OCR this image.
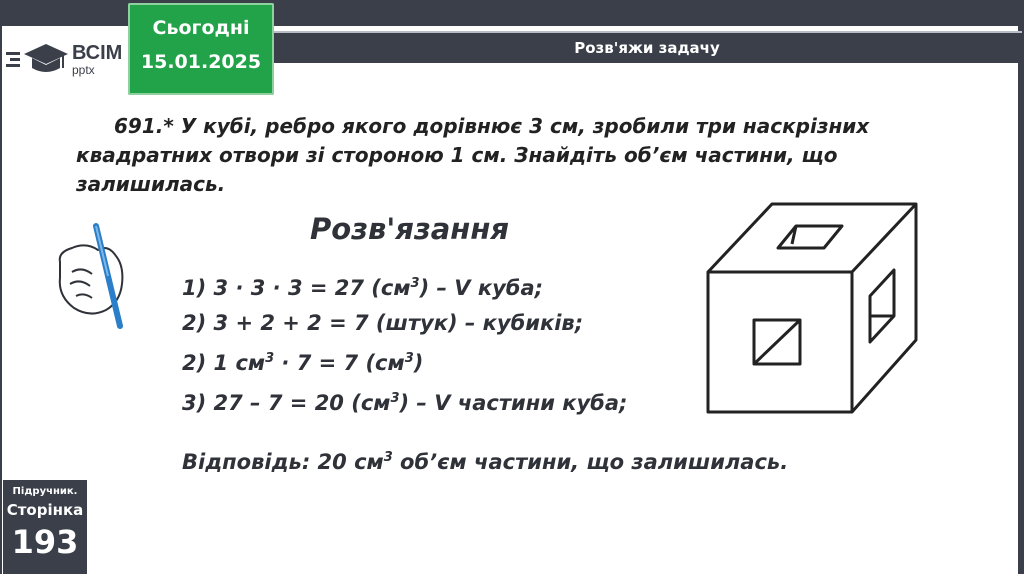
Розв'яжи задачу
ВСІМ
pptx
Сьогодні
15.01.2025
691.* У кубі, ребро якого дорівнює 3 см, зробили три наскрізних квадратних отвори зі стороною 1 см. Знайдіть об’єм частини, що залишилась.
Розв'язання
1) 3 · 3 · 3 = 27 $(см^3)$ – V куба;
2) 3 + 2 + 2 = 7 (штук) – кубиків;
2) 1 $см^3 \cdot 7 = 7$ $(см^3)$
3) 27 – 7 = 20 $(см^3)$ – V частини куба;
Відповідь: 20 $см^3$ об’єм частини, що залишилась.
Підручник.
Сторінка
193
